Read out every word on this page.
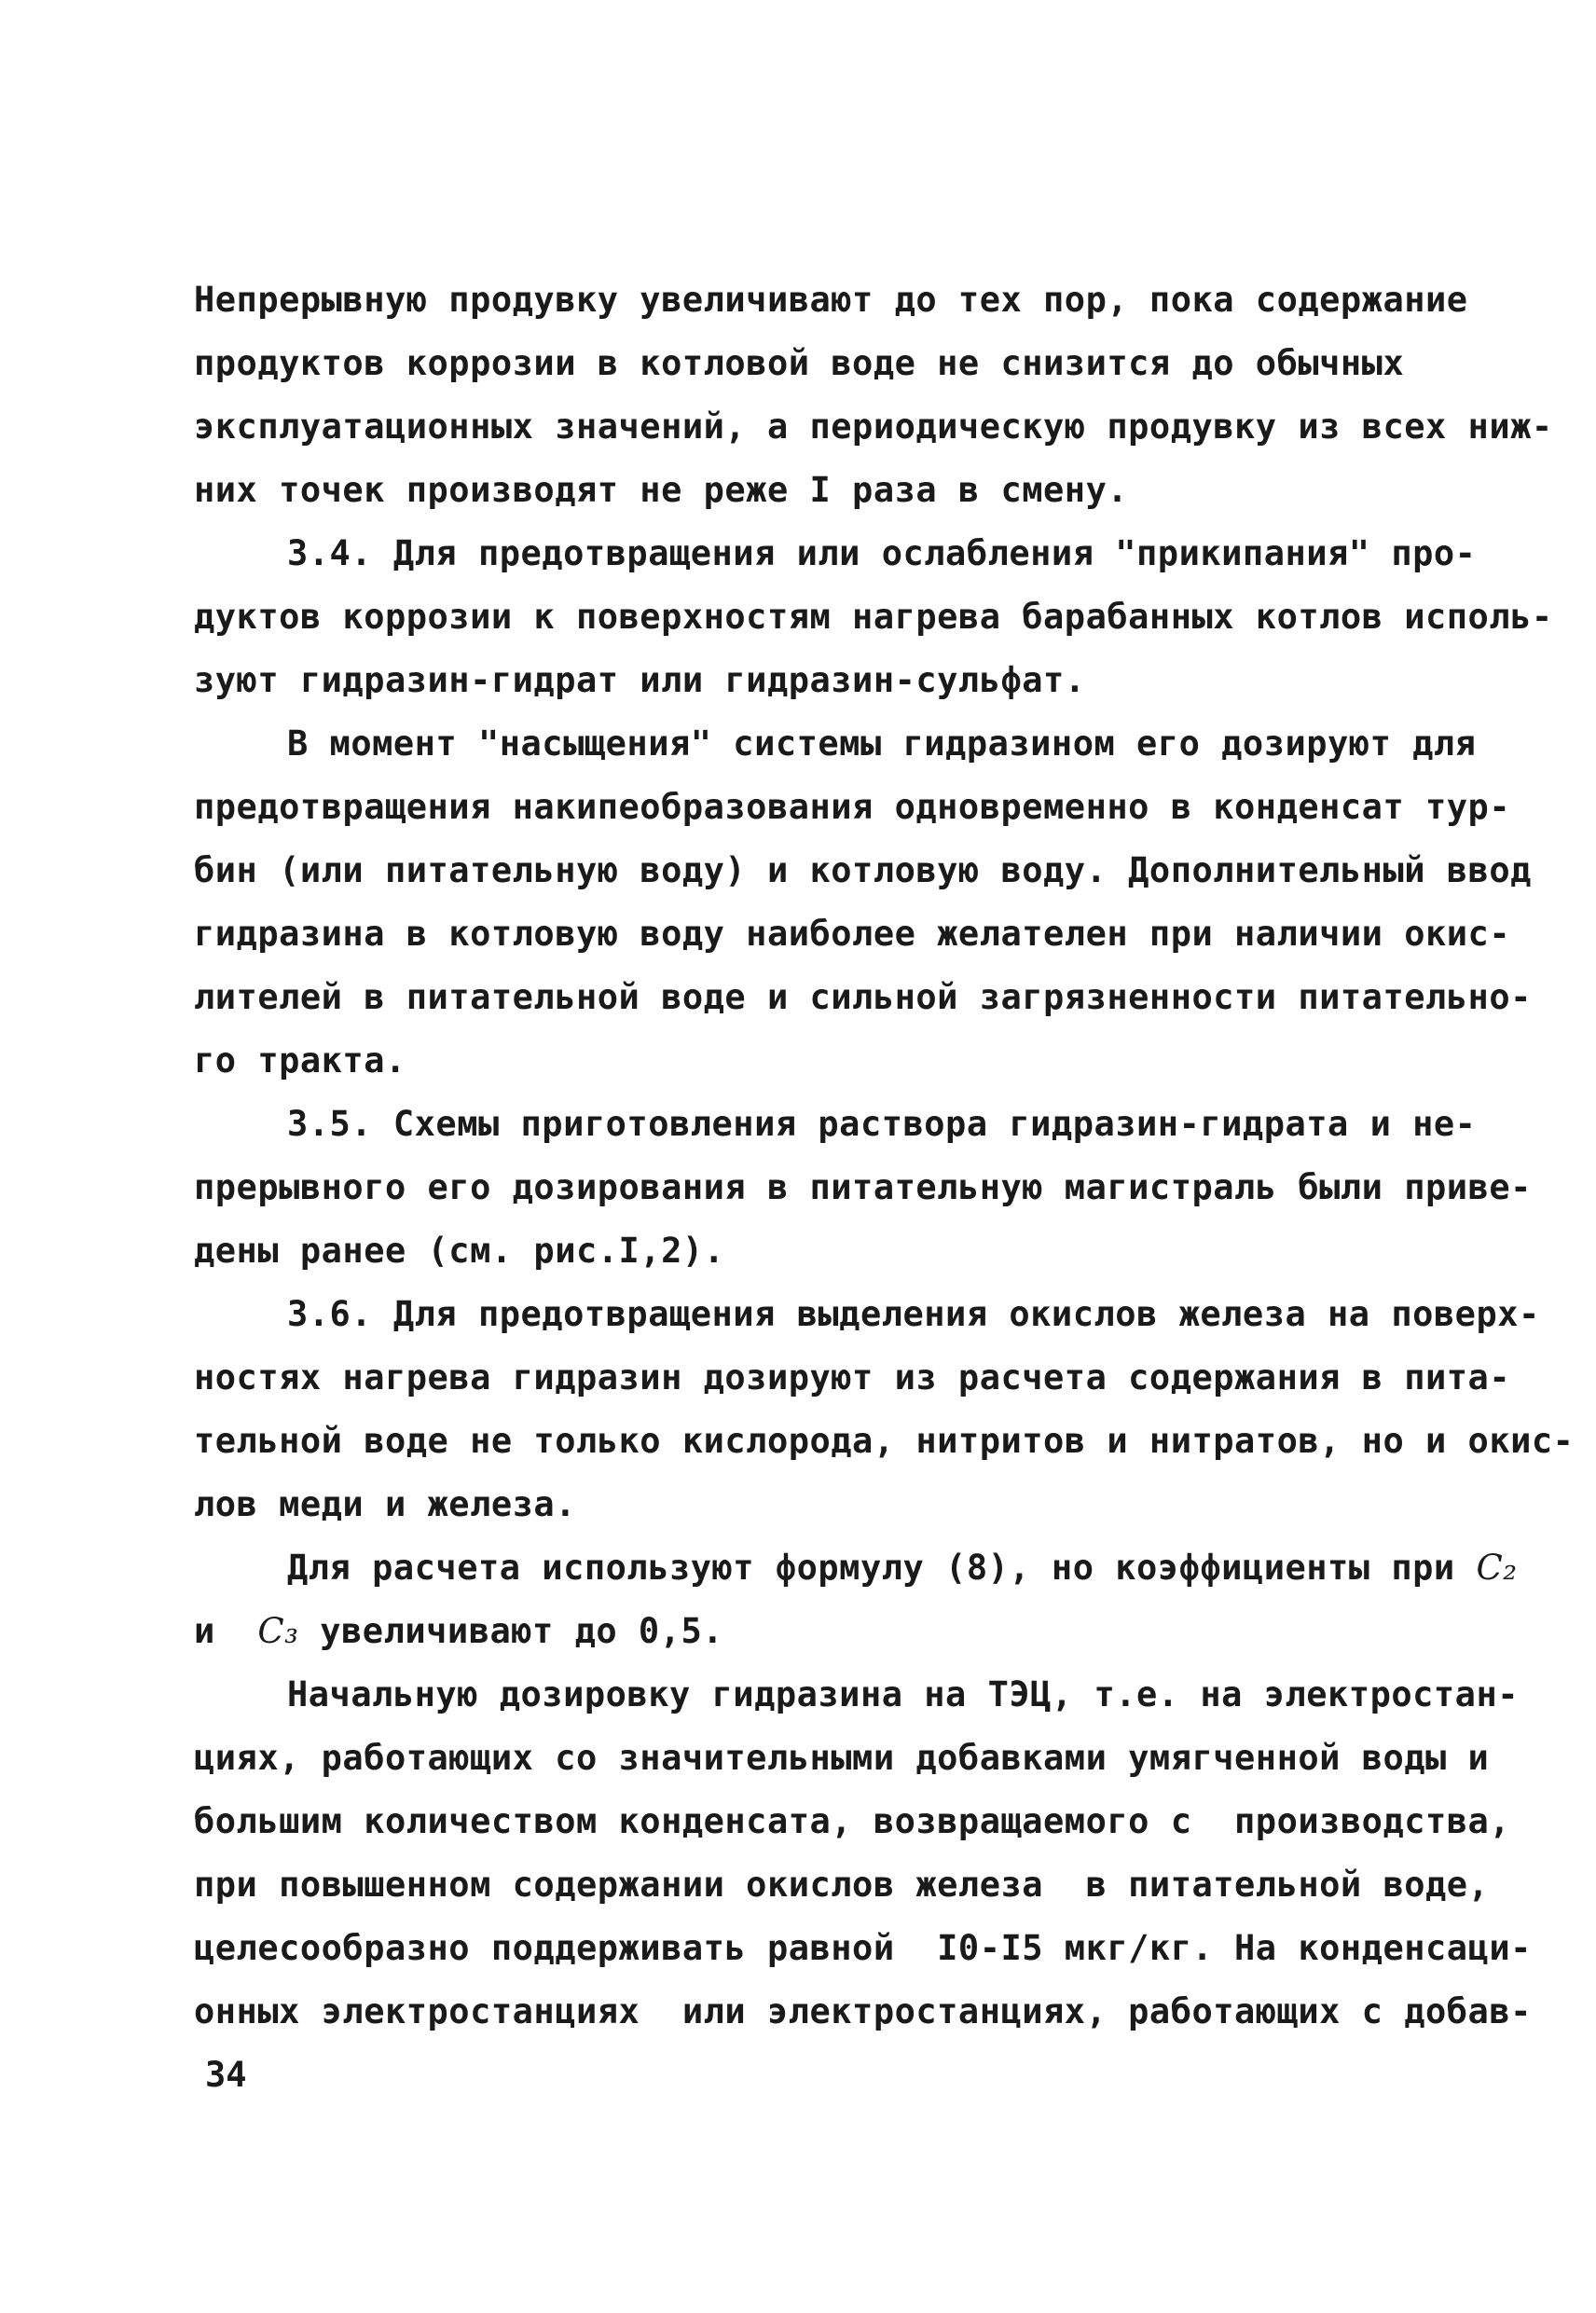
Непрерывную продувку увеличивают до тех пор, пока содержание
продуктов коррозии в котловой воде не снизится до обычных
эксплуатационных значений, а периодическую продувку из всех ниж-
них точек производят не реже I раза в смену.
3.4. Для предотвращения или ослабления "прикипания" про-
дуктов коррозии к поверхностям нагрева барабанных котлов исполь-
зуют гидразин-гидрат или гидразин-сульфат.
В момент "насыщения" системы гидразином его дозируют для
предотвращения накипеобразования одновременно в конденсат тур-
бин (или питательную воду) и котловую воду. Дополнительный ввод
гидразина в котловую воду наиболее желателен при наличии окис-
лителей в питательной воде и сильной загрязненности питательно-
го тракта.
3.5. Схемы приготовления раствора гидразин-гидрата и не-
прерывного его дозирования в питательную магистраль были приве-
дены ранее (см. рис.I,2).
3.6. Для предотвращения выделения окислов железа на поверх-
ностях нагрева гидразин дозируют из расчета содержания в пита-
тельной воде не только кислорода, нитритов и нитратов, но и окис-
лов меди и железа.
Для расчета используют формулу (8), но коэффициенты при C₂
и  C₃ увеличивают до 0,5.
Начальную дозировку гидразина на ТЭЦ, т.е. на электростан-
циях, работающих со значительными добавками умягченной воды и
большим количеством конденсата, возвращаемого с  производства,
при повышенном содержании окислов железа  в питательной воде,
целесообразно поддерживать равной  I0-I5 мкг/кг. На конденсаци-
онных электростанциях  или электростанциях, работающих с добав-
34
